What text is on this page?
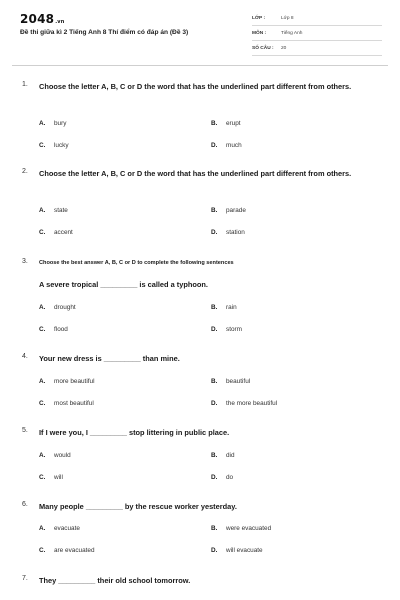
2048.vn
Đề thi giữa kì 2 Tiếng Anh 8 Thí điểm có đáp án (Đề 3)
LỚP :	Lớp 8
MÔN :	Tiếng Anh
SỐ CÂU :	20
1. Choose the letter A, B, C or D the word that has the underlined part different from others.
A. bury	B. erupt
C. lucky	D. much
2. Choose the letter A, B, C or D the word that has the underlined part different from others.
A. state	B. parade
C. accent	D. station
3. Choose the best answer A, B, C or D to complete the following sentences
A severe tropical _________ is called a typhoon.
A. drought	B. rain
C. flood	D. storm
4. Your new dress is _________ than mine.
A. more beautiful	B. beautiful
C. most beautiful	D. the more beautiful
5. If I were you, I _________ stop littering in public place.
A. would	B. did
C. will	D. do
6. Many people _________ by the rescue worker yesterday.
A. evacuate	B. were evacuated
C. are evacuated	D. will evacuate
7. They _________ their old school tomorrow.
